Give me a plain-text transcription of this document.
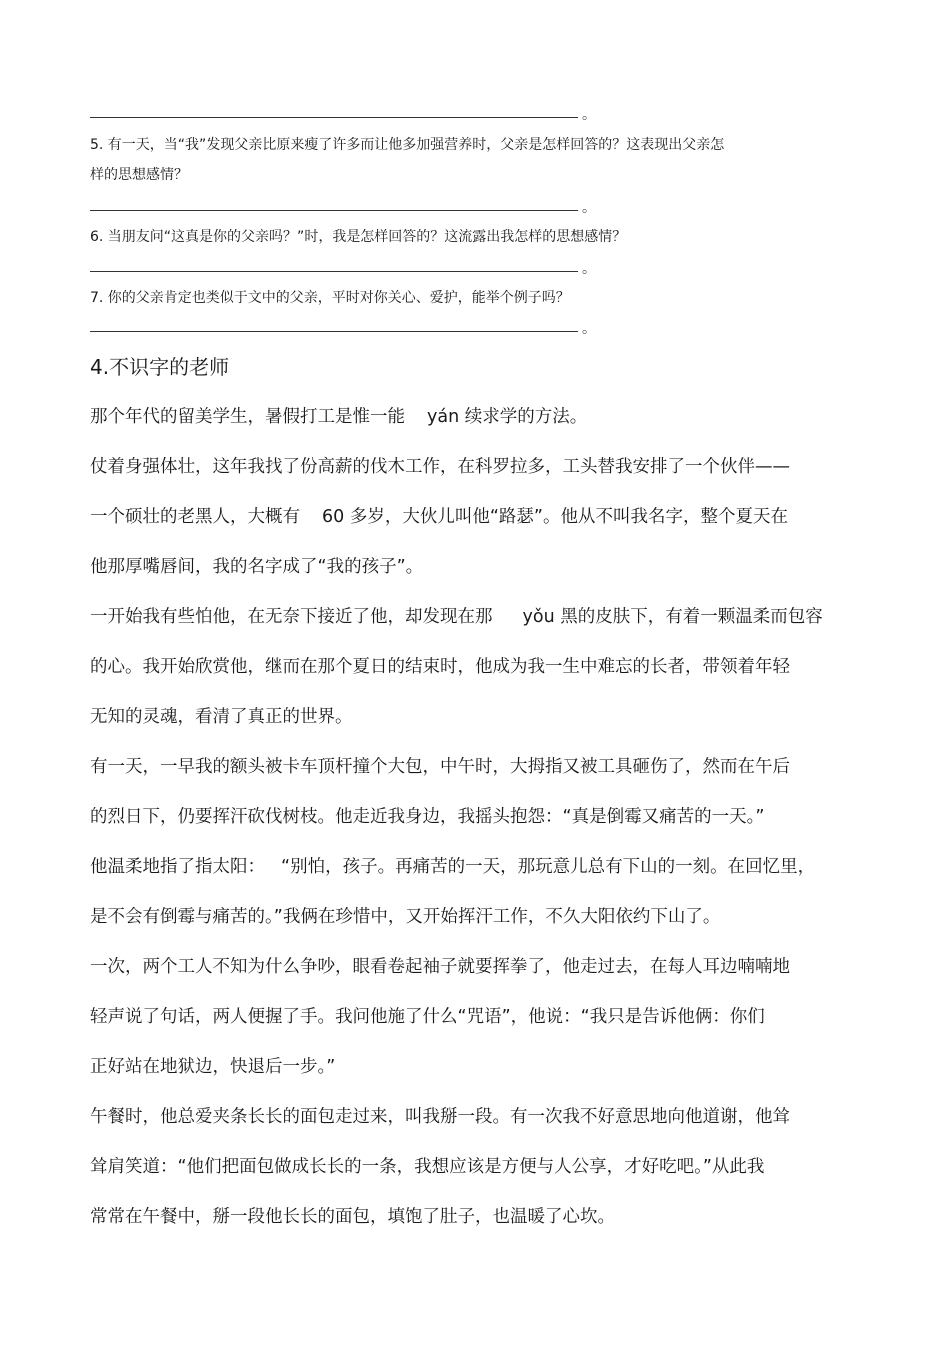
。
5. 有一天，当“我”发现父亲比原来瘦了许多而让他多加强营养时，父亲是怎样回答的？这表现出父亲怎
样的思想感情？
。
6. 当朋友问“这真是你的父亲吗？”时，我是怎样回答的？这流露出我怎样的思想感情？
。
7. 你的父亲肯定也类似于文中的父亲，平时对你关心、爱护，能举个例子吗？
。
4.不识字的老师
那个年代的留美学生，暑假打工是惟一能 yán 续求学的方法。
仗着身强体壮，这年我找了份高薪的伐木工作，在科罗拉多，工头替我安排了一个伙伴——
一个硕壮的老黑人，大概有 60 多岁，大伙儿叫他“路瑟”。他从不叫我名字，整个夏天在
他那厚嘴唇间，我的名字成了“我的孩子”。
一开始我有些怕他，在无奈下接近了他，却发现在那 yǒu 黑的皮肤下，有着一颗温柔而包容
的心。我开始欣赏他，继而在那个夏日的结束时，他成为我一生中难忘的长者，带领着年轻
无知的灵魂，看清了真正的世界。
有一天，一早我的额头被卡车顶杆撞个大包，中午时，大拇指又被工具砸伤了，然而在午后
的烈日下，仍要挥汗砍伐树枝。他走近我身边，我摇头抱怨：“真是倒霉又痛苦的一天。”
他温柔地指了指太阳： “别怕，孩子。再痛苦的一天，那玩意儿总有下山的一刻。在回忆里，
是不会有倒霉与痛苦的。”我俩在珍惜中，又开始挥汗工作，不久大阳依约下山了。
一次，两个工人不知为什么争吵，眼看卷起袖子就要挥拳了，他走过去，在每人耳边喃喃地
轻声说了句话，两人便握了手。我问他施了什么“咒语”，他说：“我只是告诉他俩：你们
正好站在地狱边，快退后一步。”
午餐时，他总爱夹条长长的面包走过来，叫我掰一段。有一次我不好意思地向他道谢，他耸
耸肩笑道：“他们把面包做成长长的一条，我想应该是方便与人公享，才好吃吧。”从此我
常常在午餐中，掰一段他长长的面包，填饱了肚子，也温暖了心坎。
